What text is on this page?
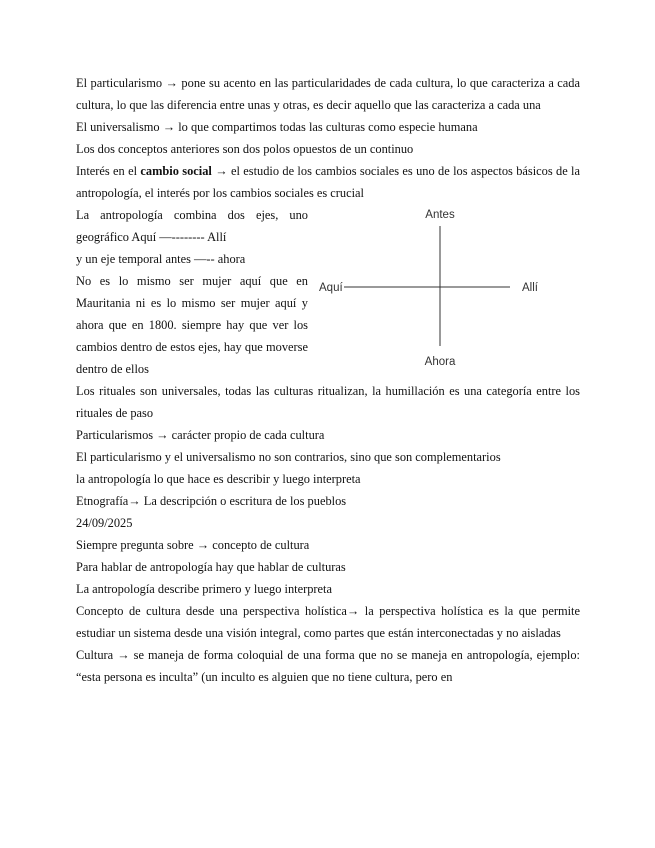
El particularismo → pone su acento en las particularidades de cada cultura, lo que caracteriza a cada cultura, lo que las diferencia entre unas y otras, es decir aquello que las caracteriza a cada una

El universalismo → lo que compartimos todas las culturas como especie humana

Los dos conceptos anteriores son dos polos opuestos de un continuo

Interés en el cambio social → el estudio de los cambios sociales es uno de los aspectos básicos de la antropología, el interés por los cambios sociales es crucial

La antropología combina dos ejes, uno geográfico Aquí —-------- Allí

y un eje temporal antes —-- ahora

No es lo mismo ser mujer aquí que en Mauritania ni es lo mismo ser mujer aquí y ahora que en 1800. siempre hay que ver los cambios dentro de estos ejes, hay que moverse dentro de ellos

Antes
Ahora
Aquí	Allí

Los rituales son universales, todas las culturas ritualizan, la humillación es una categoría entre los rituales de paso

Particularismos → carácter propio de cada cultura

El particularismo y el universalismo no son contrarios, sino que son complementarios

la antropología lo que hace es describir y luego interpreta

Etnografía→ La descripción o escritura de los pueblos

24/09/2025

Siempre pregunta sobre → concepto de cultura

Para hablar de antropología hay que hablar de culturas

La antropología describe primero y luego interpreta

Concepto de cultura desde una perspectiva holística→ la perspectiva holística es la que permite estudiar un sistema desde una visión integral, como partes que están interconectadas y no aisladas

Cultura → se maneja de forma coloquial de una forma que no se maneja en antropología, ejemplo: “esta persona es inculta” (un inculto es alguien que no tiene cultura, pero en
